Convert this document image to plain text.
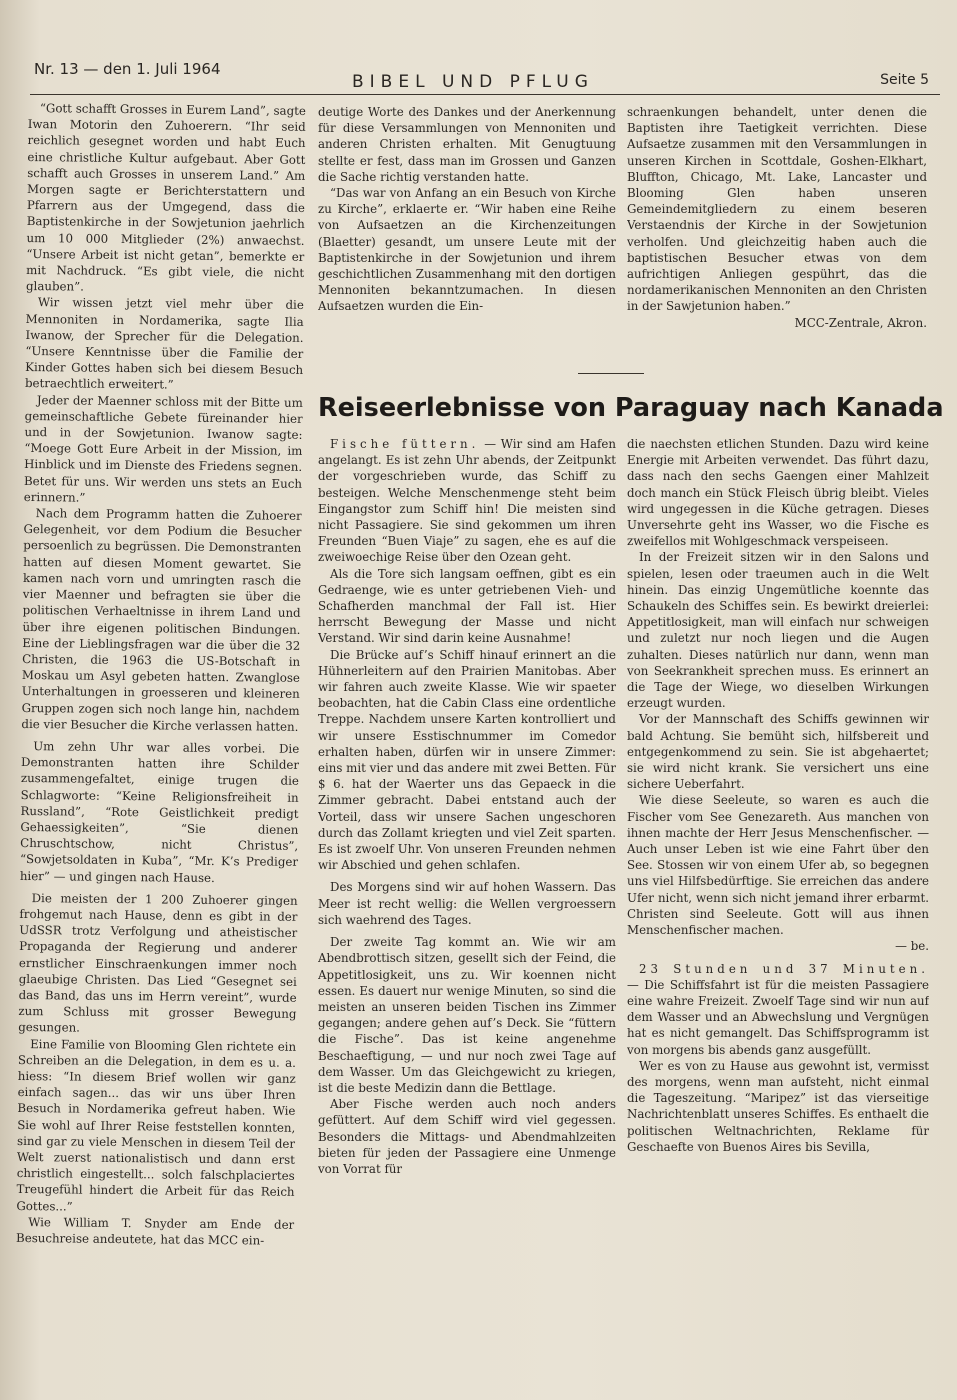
Nr. 13 — den 1. Juli 1964
BIBEL UND PFLUG	Seite 5

“Gott schafft Grosses in Eurem Land”, sagte Iwan Motorin den Zuhoerern. “Ihr seid reichlich gesegnet worden und habt Euch eine christliche Kultur aufgebaut. Aber Gott schafft auch Grosses in unserem Land.” Am Morgen sagte er Berichterstattern und Pfarrern aus der Umgegend, dass die Baptistenkirche in der Sowjetunion jaehrlich um 10 000 Mitglieder (2%) anwaechst. “Unsere Arbeit ist nicht getan”, bemerkte er mit Nachdruck. “Es gibt viele, die nicht glauben”.

Wir wissen jetzt viel mehr über die Mennoniten in Nordamerika, sagte Ilia Iwanow, der Sprecher für die Delegation. “Unsere Kenntnisse über die Familie der Kinder Gottes haben sich bei diesem Besuch betraechtlich erweitert.”

Jeder der Maenner schloss mit der Bitte um gemeinschaftliche Gebete füreinander hier und in der Sowjetunion. Iwanow sagte: “Moege Gott Eure Arbeit in der Mission, im Hinblick und im Dienste des Friedens segnen. Betet für uns. Wir werden uns stets an Euch erinnern.”

Nach dem Programm hatten die Zuhoerer Gelegenheit, vor dem Podium die Besucher persoenlich zu begrüssen. Die Demonstranten hatten auf diesen Moment gewartet. Sie kamen nach vorn und umringten rasch die vier Maenner und befragten sie über die politischen Verhaeltnisse in ihrem Land und über ihre eigenen politischen Bindungen. Eine der Lieblingsfragen war die über die 32 Christen, die 1963 die US-Botschaft in Moskau um Asyl gebeten hatten. Zwanglose Unterhaltungen in groesseren und kleineren Gruppen zogen sich noch lange hin, nachdem die vier Besucher die Kirche verlassen hatten.

Um zehn Uhr war alles vorbei. Die Demonstranten hatten ihre Schilder zusammengefaltet, einige trugen die Schlagworte: “Keine Religionsfreiheit in Russland”, “Rote Geistlichkeit predigt Gehaessigkeiten”, “Sie dienen Chruschtschow, nicht Christus”, “Sowjetsoldaten in Kuba”, “Mr. K’s Prediger hier” — und gingen nach Hause.

Die meisten der 1 200 Zuhoerer gingen frohgemut nach Hause, denn es gibt in der UdSSR trotz Verfolgung und atheistischer Propaganda der Regierung und anderer ernstlicher Einschraenkungen immer noch glaeubige Christen. Das Lied “Gesegnet sei das Band, das uns im Herrn vereint”, wurde zum Schluss mit grosser Bewegung gesungen.

Eine Familie von Blooming Glen richtete ein Schreiben an die Delegation, in dem es u. a. hiess: “In diesem Brief wollen wir ganz einfach sagen... das wir uns über Ihren Besuch in Nordamerika gefreut haben. Wie Sie wohl auf Ihrer Reise feststellen konnten, sind gar zu viele Menschen in diesem Teil der Welt zuerst nationalistisch und dann erst christlich eingestellt... solch falschplaciertes Treugefühl hindert die Arbeit für das Reich Gottes...”

Wie William T. Snyder am Ende der Besuchreise andeutete, hat das MCC ein-

deutige Worte des Dankes und der Anerkennung für diese Versammlungen von Mennoniten und anderen Christen erhalten. Mit Genugtuung stellte er fest, dass man im Grossen und Ganzen die Sache richtig verstanden hatte.

“Das war von Anfang an ein Besuch von Kirche zu Kirche”, erklaerte er. “Wir haben eine Reihe von Aufsaetzen an die Kirchenzeitungen (Blaetter) gesandt, um unsere Leute mit der Baptistenkirche in der Sowjetunion und ihrem geschichtlichen Zusammenhang mit den dortigen Mennoniten bekanntzumachen. In diesen Aufsaetzen wurden die Ein-

schraenkungen behandelt, unter denen die Baptisten ihre Taetigkeit verrichten. Diese Aufsaetze zusammen mit den Versammlungen in unseren Kirchen in Scottdale, Goshen-Elkhart, Bluffton, Chicago, Mt. Lake, Lancaster und Blooming Glen haben unseren Gemeindemitgliedern zu einem beseren Verstaendnis der Kirche in der Sowjetunion verholfen. Und gleichzeitig haben auch die baptistischen Besucher etwas von dem aufrichtigen Anliegen gespührt, das die nordamerikanischen Mennoniten an den Christen in der Sawjetunion haben.”

MCC-Zentrale, Akron.

Reiseerlebnisse von Paraguay nach Kanada

Fische füttern. — Wir sind am Hafen angelangt. Es ist zehn Uhr abends, der Zeitpunkt der vorgeschrieben wurde, das Schiff zu besteigen. Welche Menschenmenge steht beim Eingangstor zum Schiff hin! Die meisten sind nicht Passagiere. Sie sind gekommen um ihren Freunden “Buen Viaje” zu sagen, ehe es auf die zweiwoechige Reise über den Ozean geht.

Als die Tore sich langsam oeffnen, gibt es ein Gedraenge, wie es unter getriebenen Vieh- und Schafherden manchmal der Fall ist. Hier herrscht Bewegung der Masse und nicht Verstand. Wir sind darin keine Ausnahme!

Die Brücke auf’s Schiff hinauf erinnert an die Hühnerleitern auf den Prairien Manitobas. Aber wir fahren auch zweite Klasse. Wie wir spaeter beobachten, hat die Cabin Class eine ordentliche Treppe. Nachdem unsere Karten kontrolliert und wir unsere Esstischnummer im Comedor erhalten haben, dürfen wir in unsere Zimmer: eins mit vier und das andere mit zwei Betten. Für $ 6. hat der Waerter uns das Gepaeck in die Zimmer gebracht. Dabei entstand auch der Vorteil, dass wir unsere Sachen ungeschoren durch das Zollamt kriegten und viel Zeit sparten. Es ist zwoelf Uhr. Von unseren Freunden nehmen wir Abschied und gehen schlafen.

Des Morgens sind wir auf hohen Wassern. Das Meer ist recht wellig: die Wellen vergroessern sich waehrend des Tages.

Der zweite Tag kommt an. Wie wir am Abendbrottisch sitzen, gesellt sich der Feind, die Appetitlosigkeit, uns zu. Wir koennen nicht essen. Es dauert nur wenige Minuten, so sind die meisten an unseren beiden Tischen ins Zimmer gegangen; andere gehen auf’s Deck. Sie “füttern die Fische”. Das ist keine angenehme Beschaeftigung, — und nur noch zwei Tage auf dem Wasser. Um das Gleichgewicht zu kriegen, ist die beste Medizin dann die Bettlage.

Aber Fische werden auch noch anders gefüttert. Auf dem Schiff wird viel gegessen. Besonders die Mittags- und Abendmahlzeiten bieten für jeden der Passagiere eine Unmenge von Vorrat für

die naechsten etlichen Stunden. Dazu wird keine Energie mit Arbeiten verwendet. Das führt dazu, dass nach den sechs Gaengen einer Mahlzeit doch manch ein Stück Fleisch übrig bleibt. Vieles wird ungegessen in die Küche getragen. Dieses Unversehrte geht ins Wasser, wo die Fische es zweifellos mit Wohlgeschmack verspeiseen.

In der Freizeit sitzen wir in den Salons und spielen, lesen oder traeumen auch in die Welt hinein. Das einzig Ungemütliche koennte das Schaukeln des Schiffes sein. Es bewirkt dreierlei: Appetitlosigkeit, man will einfach nur schweigen und zuletzt nur noch liegen und die Augen zuhalten. Dieses natürlich nur dann, wenn man von Seekrankheit sprechen muss. Es erinnert an die Tage der Wiege, wo dieselben Wirkungen erzeugt wurden.

Vor der Mannschaft des Schiffs gewinnen wir bald Achtung. Sie bemüht sich, hilfsbereit und entgegenkommend zu sein. Sie ist abgehaertet; sie wird nicht krank. Sie versichert uns eine sichere Ueberfahrt.

Wie diese Seeleute, so waren es auch die Fischer vom See Genezareth. Aus manchen von ihnen machte der Herr Jesus Menschenfischer. — Auch unser Leben ist wie eine Fahrt über den See. Stossen wir von einem Ufer ab, so begegnen uns viel Hilfsbedürftige. Sie erreichen das andere Ufer nicht, wenn sich nicht jemand ihrer erbarmt. Christen sind Seeleute. Gott will aus ihnen Menschenfischer machen.

— be.

23 Stunden und 37 Minuten. — Die Schiffsfahrt ist für die meisten Passagiere eine wahre Freizeit. Zwoelf Tage sind wir nun auf dem Wasser und an Abwechslung und Vergnügen hat es nicht gemangelt. Das Schiffsprogramm ist von morgens bis abends ganz ausgefüllt.

Wer es von zu Hause aus gewohnt ist, vermisst des morgens, wenn man aufsteht, nicht einmal die Tageszeitung. “Maripez” ist das vierseitige Nachrichtenblatt unseres Schiffes. Es enthaelt die politischen Weltnachrichten, Reklame für Geschaefte von Buenos Aires bis Sevilla,
